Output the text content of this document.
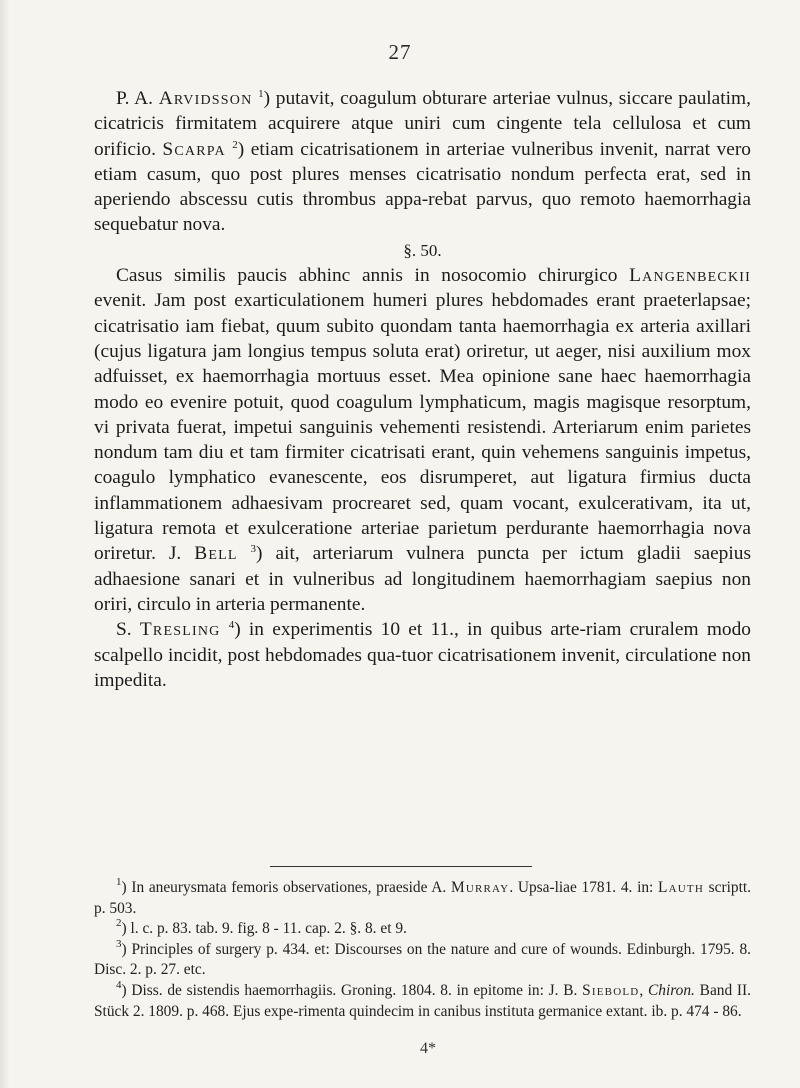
27

P. A. Arvidsson $^1$) putavit, coagulum obturare arteriae vulnus, siccare paulatim, cicatricis firmitatem acquirere atque uniri cum cingente tela cellulosa et cum orificio. Scarpa $^2$) etiam cicatrisationem in arteriae vulneribus invenit, narrat vero etiam casum, quo post plures menses cicatrisatio nondum perfecta erat, sed in aperiendo abscessu cutis thrombus appa-rebat parvus, quo remoto haemorrhagia sequebatur nova.

§. 50.

Casus similis paucis abhinc annis in nosocomio chirurgico Langenbeckii evenit. Jam post exarticulationem humeri plures hebdomades erant praeterlapsae; cicatrisatio iam fiebat, quum subito quondam tanta haemorrhagia ex arteria axillari (cujus ligatura jam longius tempus soluta erat) oriretur, ut aeger, nisi auxilium mox adfuisset, ex haemorrhagia mortuus esset. Mea opinione sane haec haemorrhagia modo eo evenire potuit, quod coagulum lymphaticum, magis magisque resorptum, vi privata fuerat, impetui sanguinis vehementi resistendi. Arteriarum enim parietes nondum tam diu et tam firmiter cicatrisati erant, quin vehemens sanguinis impetus, coagulo lymphatico evanescente, eos disrumperet, aut ligatura firmius ducta inflammationem adhaesivam procrearet sed, quam vocant, exulcerativam, ita ut, ligatura remota et exulceratione arteriae parietum perdurante haemorrhagia nova oriretur. J. Bell $^3$) ait, arteriarum vulnera puncta per ictum gladii saepius adhaesione sanari et in vulneribus ad longitudinem haemorrhagiam saepius non oriri, circulo in arteria permanente.

S. Tresling $^4$) in experimentis 10 et 11., in quibus arte-riam cruralem modo scalpello incidit, post hebdomades qua-tuor cicatrisationem invenit, circulatione non impedita.

$^1$) In aneurysmata femoris observationes, praeside A. Murray. Upsa-liae 1781. 4. in: Lauth scriptt. p. 503.

$^2$) l. c. p. 83. tab. 9. fig. 8 - 11. cap. 2. §. 8. et 9.

$^3$) Principles of surgery p. 434. et: Discourses on the nature and cure of wounds. Edinburgh. 1795. 8. Disc. 2. p. 27. etc.

$^4$) Diss. de sistendis haemorrhagiis. Groning. 1804. 8. in epitome in: J. B. Siebold, Chiron. Band II. Stück 2. 1809. p. 468. Ejus expe-rimenta quindecim in canibus instituta germanice extant. ib. p. 474 - 86.

4*
